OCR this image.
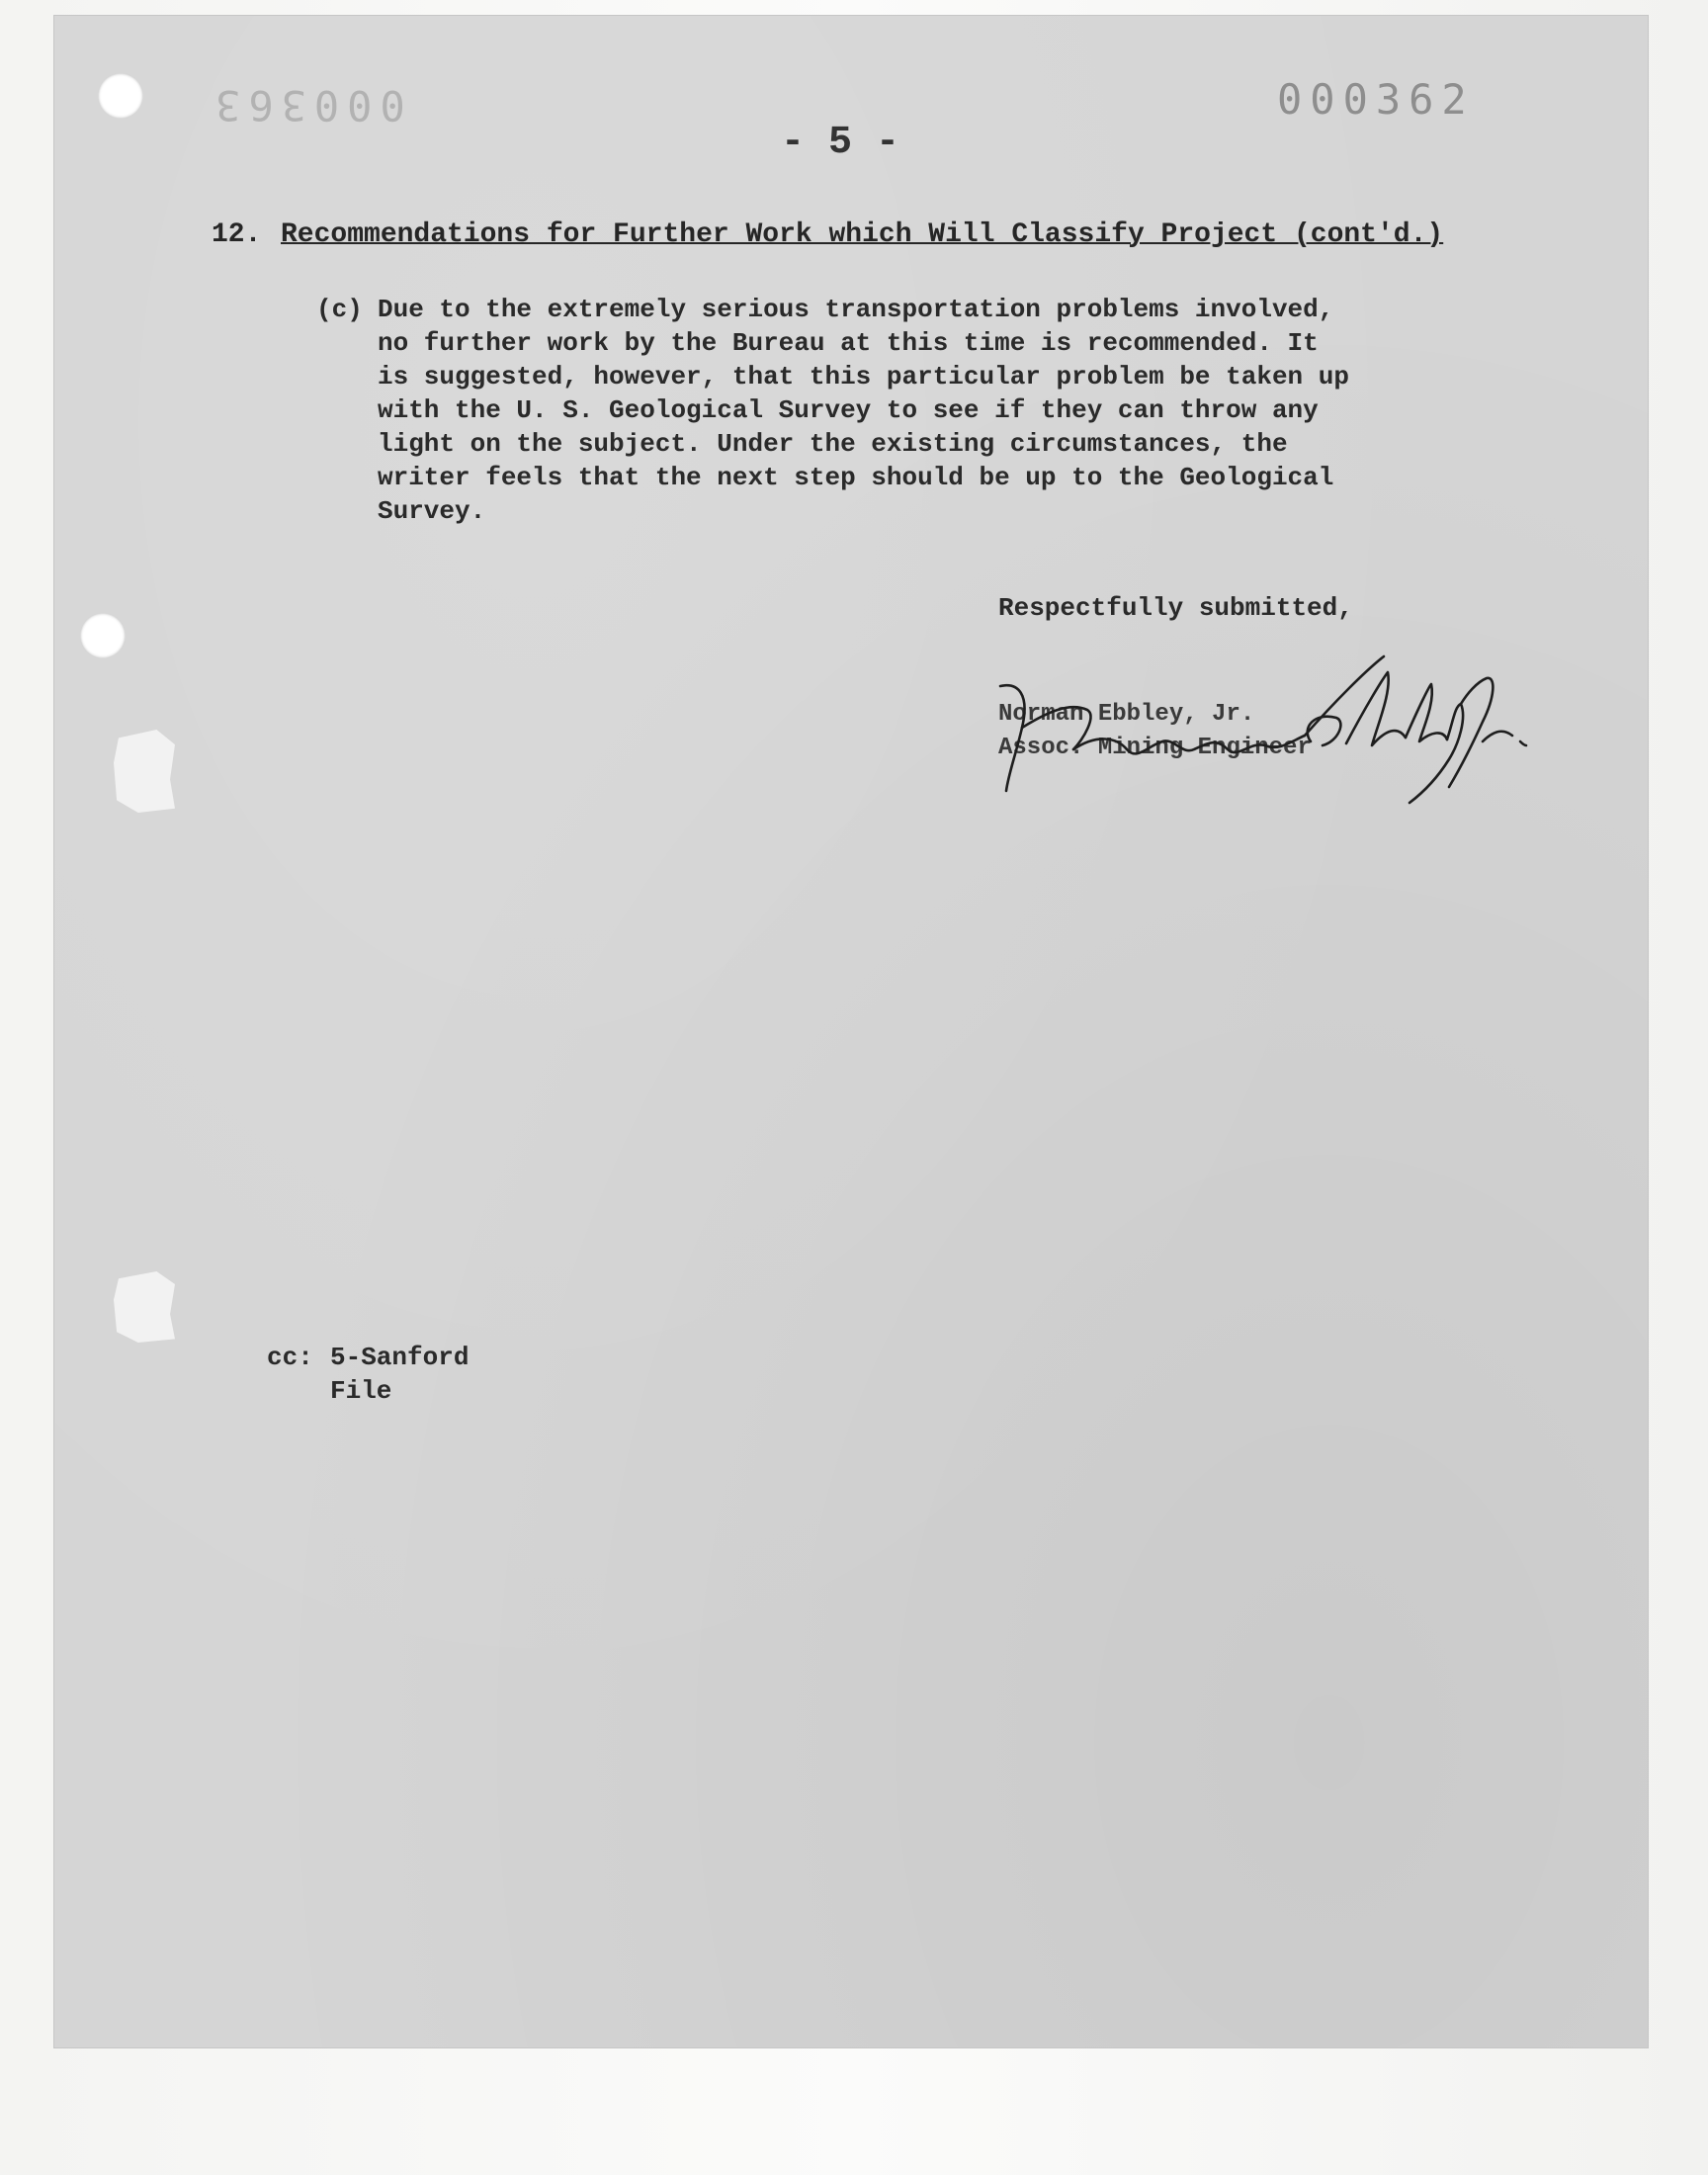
000362
000363
- 5 -
12. Recommendations for Further Work which Will Classify Project (cont'd.)
(c) Due to the extremely serious transportation problems involved,
no further work by the Bureau at this time is recommended. It
is suggested, however, that this particular problem be taken up
with the U. S. Geological Survey to see if they can throw any
light on the subject. Under the existing circumstances, the
writer feels that the next step should be up to the Geological
Survey.
Respectfully submitted,
Norman Ebbley, Jr.
Assoc. Mining Engineer
cc: 5-Sanford
File
